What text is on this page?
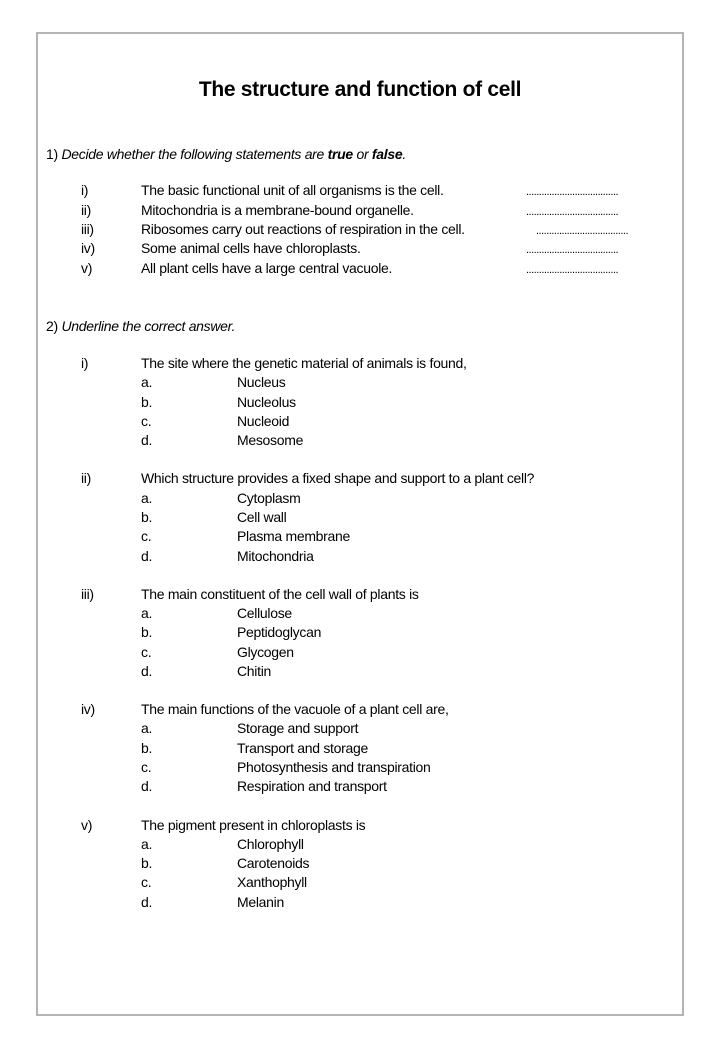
The structure and function of cell
1) Decide whether the following statements are true or false.
i)	The basic functional unit of all organisms is the cell.	....................................
ii)	Mitochondria is a membrane-bound organelle.	....................................
iii)	Ribosomes carry out reactions of respiration in the cell.	....................................
iv)	Some animal cells have chloroplasts.	....................................
v)	All plant cells have a large central vacuole.	....................................
2) Underline the correct answer.
i)	The site where the genetic material of animals is found,
a.	Nucleus
b.	Nucleolus
c.	Nucleoid
d.	Mesosome
ii)	Which structure provides a fixed shape and support to a plant cell?
a.	Cytoplasm
b.	Cell wall
c.	Plasma membrane
d.	Mitochondria
iii)	The main constituent of the cell wall of plants is
a.	Cellulose
b.	Peptidoglycan
c.	Glycogen
d.	Chitin
iv)	The main functions of the vacuole of a plant cell are,
a.	Storage and support
b.	Transport and storage
c.	Photosynthesis and transpiration
d.	Respiration and transport
v)	The pigment present in chloroplasts is
a.	Chlorophyll
b.	Carotenoids
c.	Xanthophyll
d.	Melanin
